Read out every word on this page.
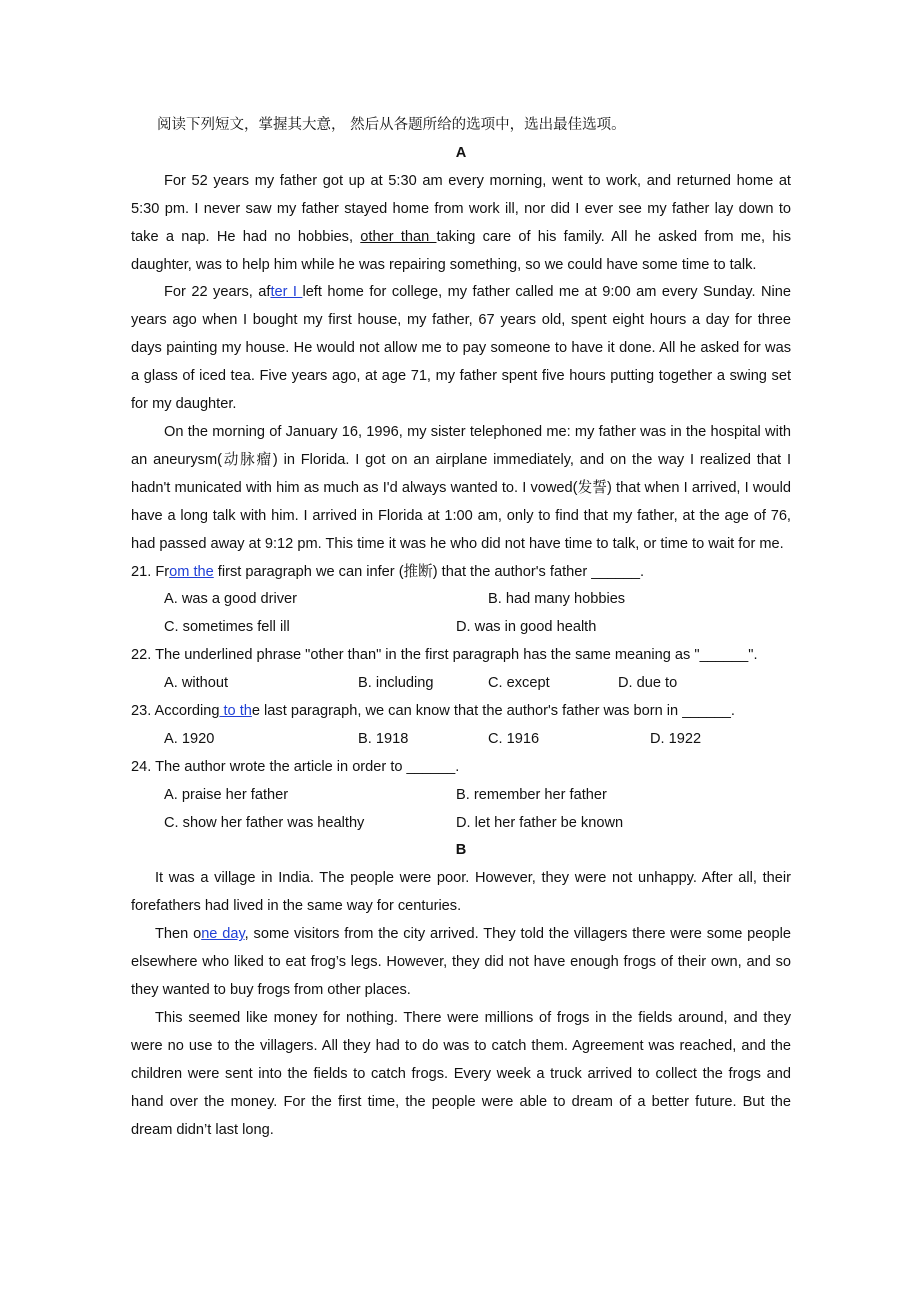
阅读下列短文，掌握其大意， 然后从各题所给的选项中，选出最佳选项。
A

For 52 years my father got up at 5:30 am every morning, went to work, and returned home at 5:30 pm. I never saw my father stayed home from work ill, nor did I ever see my father lay down to take a nap. He had no hobbies, other than taking care of his family. All he asked from me, his daughter, was to help him while he was repairing something, so we could have some time to talk.

For 22 years, after I left home for college, my father called me at 9:00 am every Sunday. Nine years ago when I bought my first house, my father, 67 years old, spent eight hours a day for three days painting my house. He would not allow me to pay someone to have it done. All he asked for was a glass of iced tea. Five years ago, at age 71, my father spent five hours putting together a swing set for my daughter.

On the morning of January 16, 1996, my sister telephoned me: my father was in the hospital with an aneurysm(动脉瘤) in Florida. I got on an airplane immediately, and on the way I realized that I hadn't municated with him as much as I'd always wanted to. I vowed(发誓) that when I arrived, I would have a long talk with him. I arrived in Florida at 1:00 am, only to find that my father, at the age of 76, had passed away at 9:12 pm. This time it was he who did not have time to talk, or time to wait for me.

21. From the first paragraph we can infer (推断) that the author's father ______.
A. was a good driver	B. had many hobbies
C. sometimes fell ill	D. was in good health
22. The underlined phrase "other than" in the first paragraph has the same meaning as "______".
A. without	B. including	C. except	D. due to
23. According to the last paragraph, we can know that the author's father was born in ______.
A. 1920	B. 1918	C. 1916	D. 1922
24. The author wrote the article in order to ______.
A. praise her father	B. remember her father
C. show her father was healthy	D. let her father be known
B

It was a village in India. The people were poor. However, they were not unhappy. After all, their forefathers had lived in the same way for centuries.

Then one day, some visitors from the city arrived. They told the villagers there were some people elsewhere who liked to eat frog’s legs. However, they did not have enough frogs of their own, and so they wanted to buy frogs from other places.

This seemed like money for nothing. There were millions of frogs in the fields around, and they were no use to the villagers. All they had to do was to catch them. Agreement was reached, and the children were sent into the fields to catch frogs. Every week a truck arrived to collect the frogs and hand over the money. For the first time, the people were able to dream of a better future. But the dream didn’t last long.
